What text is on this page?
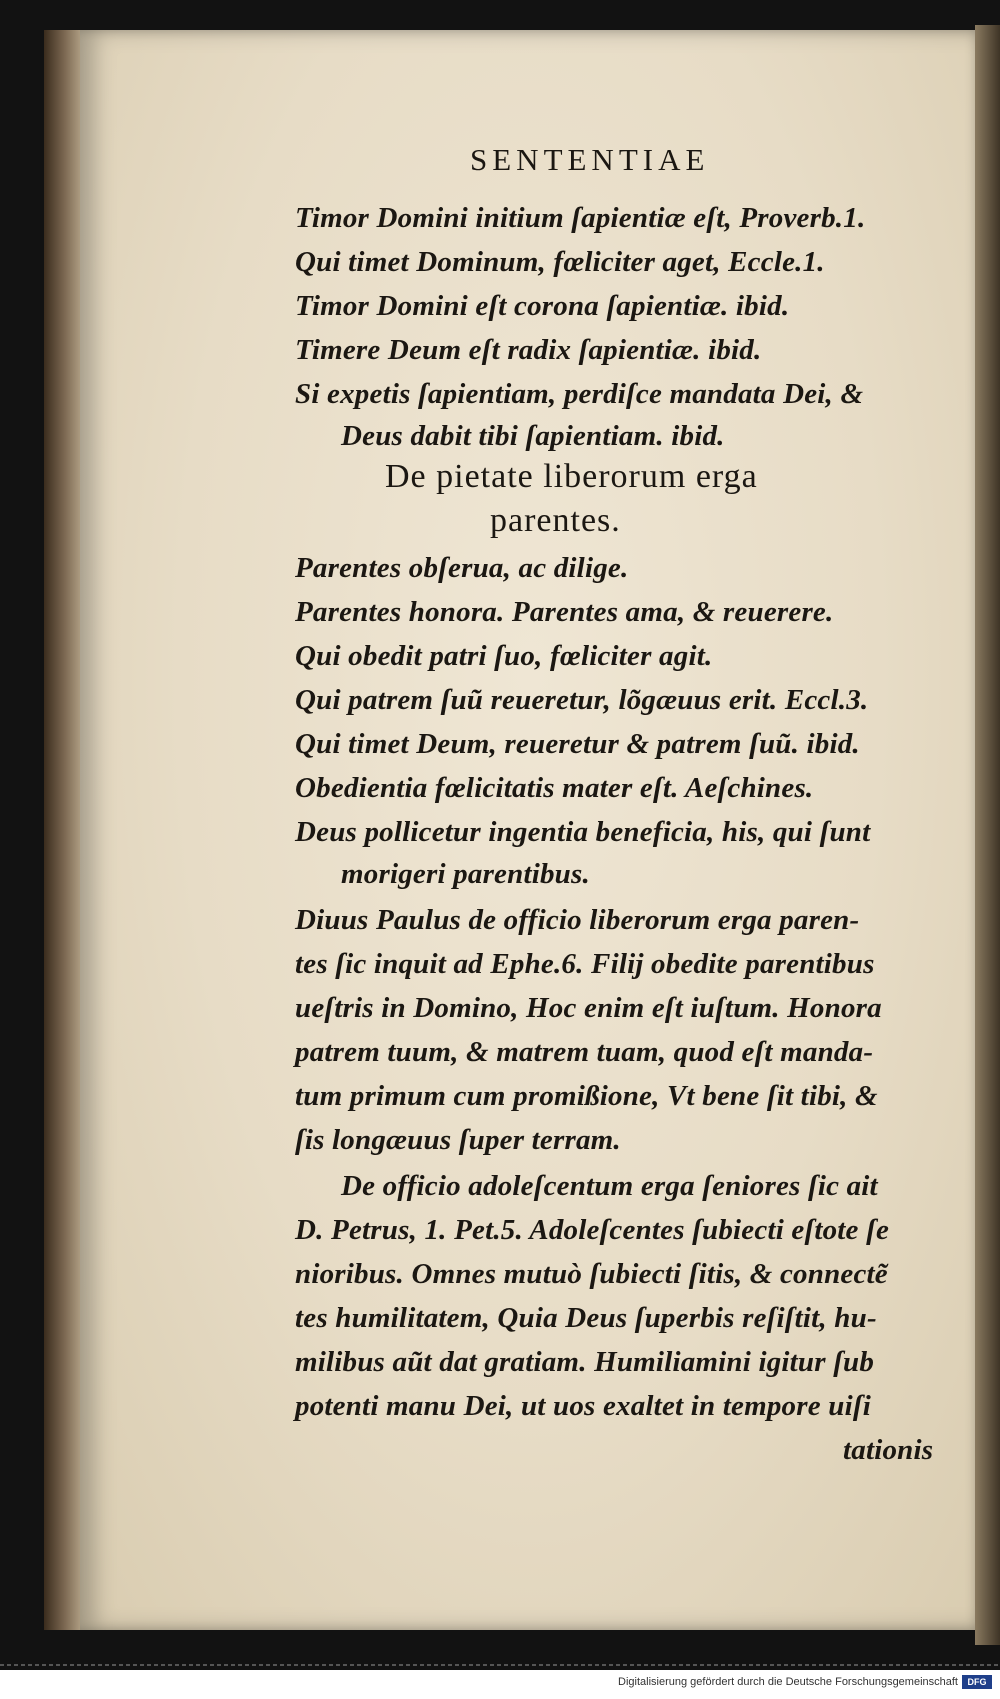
SENTENTIAE
Timor Domini initium ſapientiæ eſt, Proverb.1.
Qui timet Dominum, fœliciter aget, Eccle.1.
Timor Domini eſt corona ſapientiæ. ibid.
Timere Deum eſt radix ſapientiæ. ibid.
Si expetis ſapientiam, perdiſce mandata Dei, &
Deus dabit tibi ſapientiam. ibid.
De pietate liberorum erga
parentes.
Parentes obſerua, ac dilige.
Parentes honora. Parentes ama, & reuerere.
Qui obedit patri ſuo, fœliciter agit.
Qui patrem ſuũ reueretur, lõgæuus erit. Eccl.3.
Qui timet Deum, reueretur & patrem ſuũ. ibid.
Obedientia fœlicitatis mater eſt. Aeſchines.
Deus pollicetur ingentia beneficia, his, qui ſunt
morigeri parentibus.
Diuus Paulus de officio liberorum erga paren-
tes ſic inquit ad Ephe.6. Filij obedite parentibus
ueſtris in Domino, Hoc enim eſt iuſtum. Honora
patrem tuum, & matrem tuam, quod eſt manda-
tum primum cum promißione, Vt bene ſit tibi, &
ſis longæuus ſuper terram.
De officio adoleſcentum erga ſeniores ſic ait
D. Petrus, 1. Pet.5. Adoleſcentes ſubiecti eſtote ſe
nioribus. Omnes mutuò ſubiecti ſitis, & connectẽ
tes humilitatem, Quia Deus ſuperbis reſiſtit, hu-
milibus aũt dat gratiam. Humiliamini igitur ſub
potenti manu Dei, ut uos exaltet in tempore uiſi
tationis
Digitalisierung gefördert durch die Deutsche Forschungsgemeinschaft	DFG
